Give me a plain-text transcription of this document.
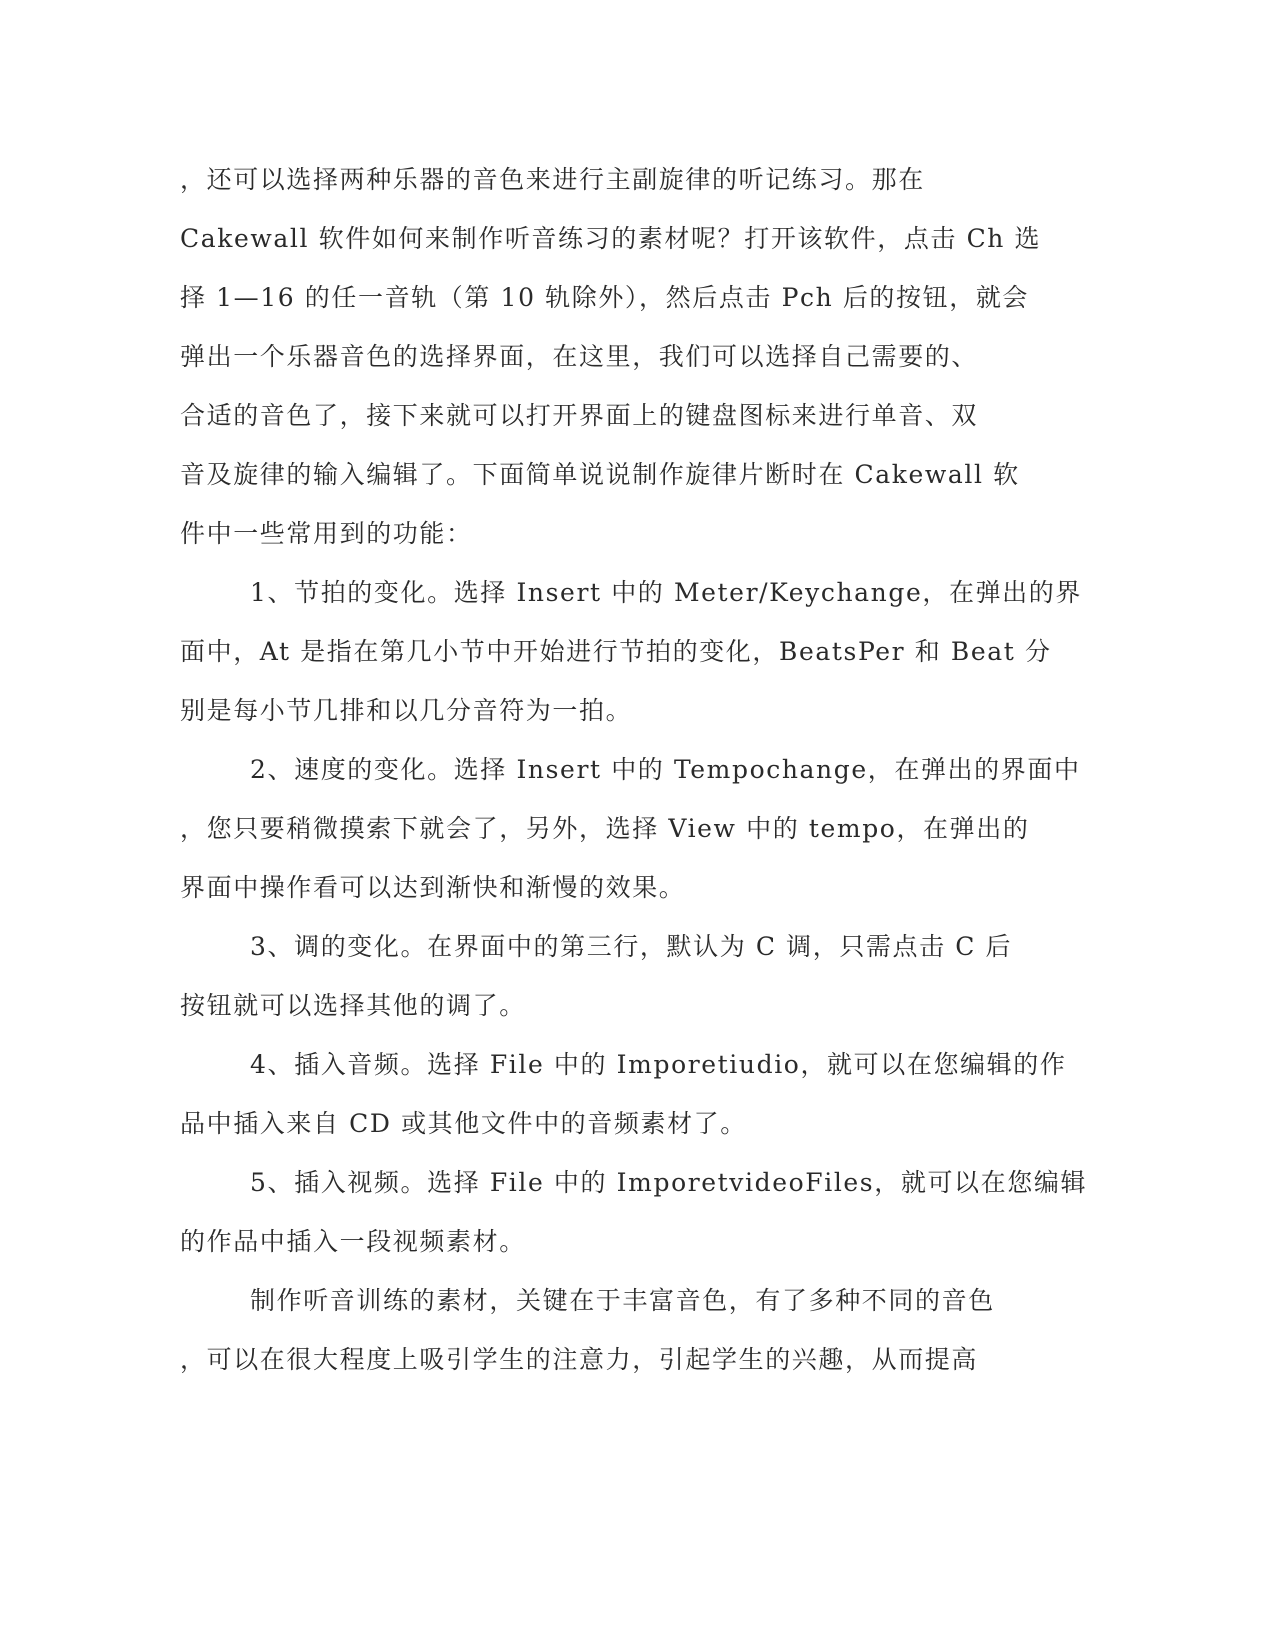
，还可以选择两种乐器的音色来进行主副旋律的听记练习。那在
Cakewall 软件如何来制作听音练习的素材呢？打开该软件，点击 Ch 选
择 1—16 的任一音轨（第 10 轨除外），然后点击 Pch 后的按钮，就会
弹出一个乐器音色的选择界面，在这里，我们可以选择自己需要的、
合适的音色了，接下来就可以打开界面上的键盘图标来进行单音、双
音及旋律的输入编辑了。下面简单说说制作旋律片断时在 Cakewall 软
件中一些常用到的功能：
1、节拍的变化。选择 Insert 中的 Meter/Keychange，在弹出的界
面中，At 是指在第几小节中开始进行节拍的变化，BeatsPer 和 Beat 分
别是每小节几排和以几分音符为一拍。
2、速度的变化。选择 Insert 中的 Tempochange，在弹出的界面中
，您只要稍微摸索下就会了，另外，选择 View 中的 tempo，在弹出的
界面中操作看可以达到渐快和渐慢的效果。
3、调的变化。在界面中的第三行，默认为 C 调，只需点击 C 后
按钮就可以选择其他的调了。
4、插入音频。选择 File 中的 Imporetiudio，就可以在您编辑的作
品中插入来自 CD 或其他文件中的音频素材了。
5、插入视频。选择 File 中的 ImporetvideoFiles，就可以在您编辑
的作品中插入一段视频素材。
制作听音训练的素材，关键在于丰富音色，有了多种不同的音色
，可以在很大程度上吸引学生的注意力，引起学生的兴趣，从而提高
